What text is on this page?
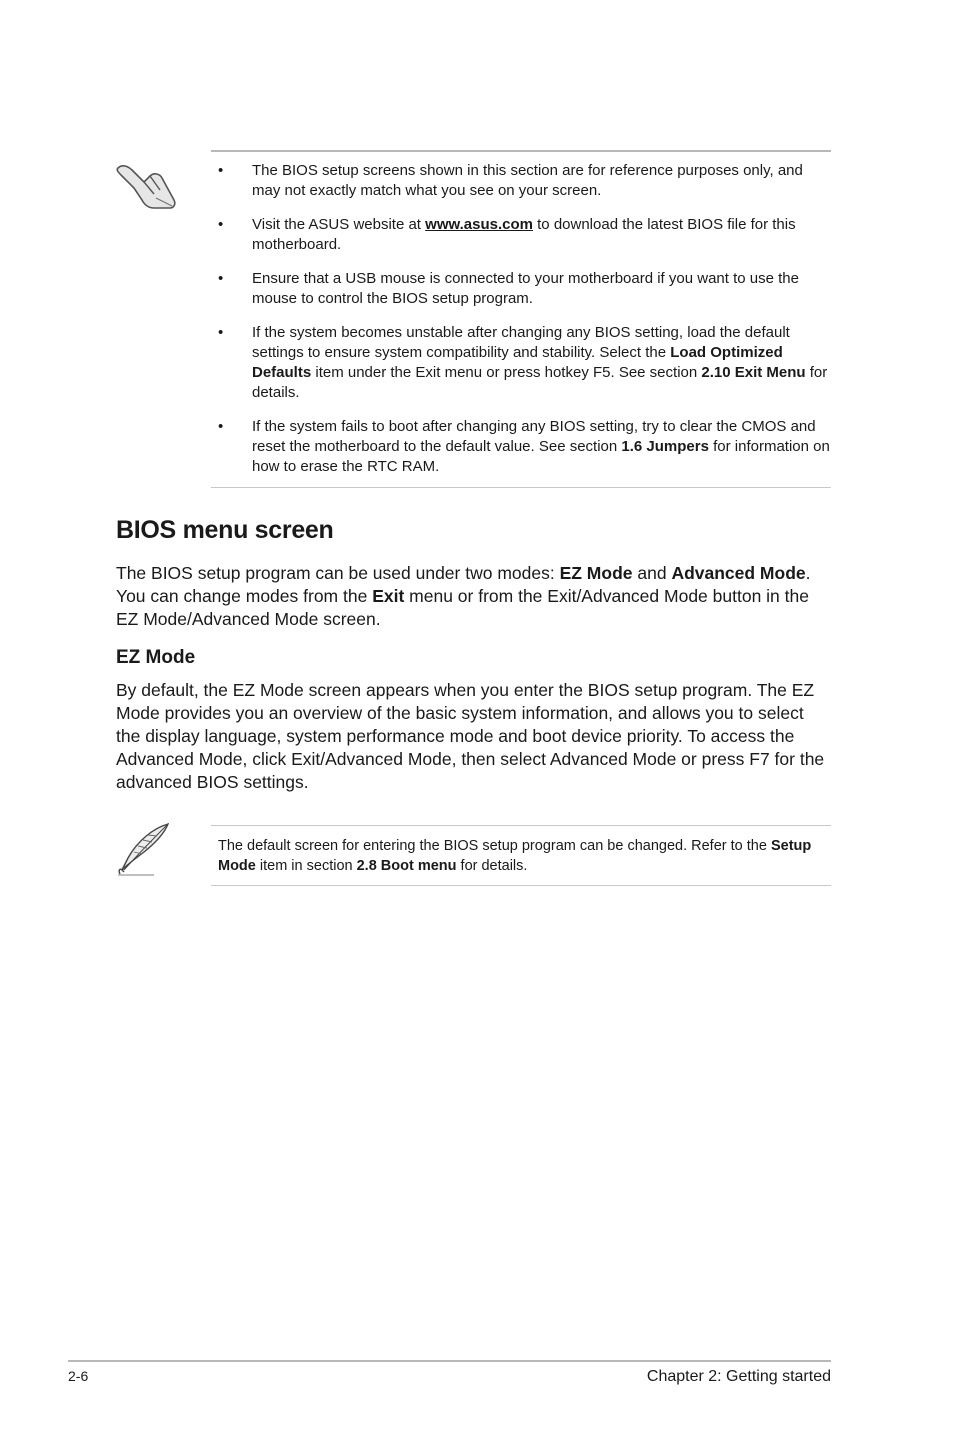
• The BIOS setup screens shown in this section are for reference purposes only, and may not exactly match what you see on your screen.
• Visit the ASUS website at www.asus.com to download the latest BIOS file for this motherboard.
• Ensure that a USB mouse is connected to your motherboard if you want to use the mouse to control the BIOS setup program.
• If the system becomes unstable after changing any BIOS setting, load the default settings to ensure system compatibility and stability. Select the Load Optimized Defaults item under the Exit menu or press hotkey F5. See section 2.10 Exit Menu for details.
• If the system fails to boot after changing any BIOS setting, try to clear the CMOS and reset the motherboard to the default value. See section 1.6 Jumpers for information on how to erase the RTC RAM.
BIOS menu screen

The BIOS setup program can be used under two modes: EZ Mode and Advanced Mode. You can change modes from the Exit menu or from the Exit/Advanced Mode button in the EZ Mode/Advanced Mode screen.

EZ Mode

By default, the EZ Mode screen appears when you enter the BIOS setup program. The EZ Mode provides you an overview of the basic system information, and allows you to select the display language, system performance mode and boot device priority. To access the Advanced Mode, click Exit/Advanced Mode, then select Advanced Mode or press F7 for the advanced BIOS settings.

The default screen for entering the BIOS setup program can be changed. Refer to the Setup Mode item in section 2.8 Boot menu for details.

2-6	Chapter 2: Getting started
